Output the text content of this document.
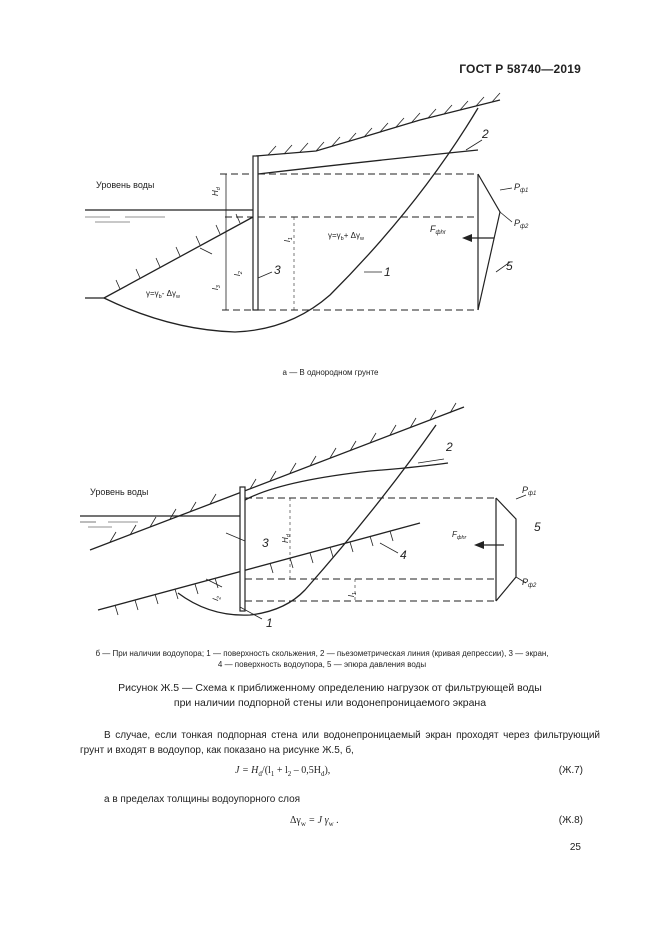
ГОСТ Р 58740—2019
Уровень воды
2
1
3	5
$P_{ф1}$
$P_{ф2}$
$F_{фhr}$
$\gamma=\gamma_b+ \Delta\gamma_w$
$\gamma=\gamma_b-$ $\Delta\gamma_w$
$H_d$
$l_3$
$l_2$
$l_1$
а — В однородном грунте
Уровень воды
2
4
3
1
5
$P_{ф1}$
$P_{ф2}$
$F_{фhr}$
$H_d$
$l_1$
$l_2$
б — При наличии водоупора; 1 — поверхность скольжения, 2 — пьезометрическая линия (кривая депрессии), 3 — экран,
4 — поверхность водоупора, 5 — эпюра давления воды
Рисунок Ж.5 — Схема к приближенному определению нагрузок от фильтрующей воды
при наличии подпорной стены или водонепроницаемого экрана
В случае, если тонкая подпорная стена или водонепроницаемый экран проходят через фильтрующий грунт и входят в водоупор, как показано на рисунке Ж.5, б,
$J = H_d/(l_1 + l_2 - 0,5H_d)$,	(Ж.7)
а в пределах толщины водоупорного слоя
$\Delta\gamma_w = J$ $\gamma_w$ .	(Ж.8)
25
